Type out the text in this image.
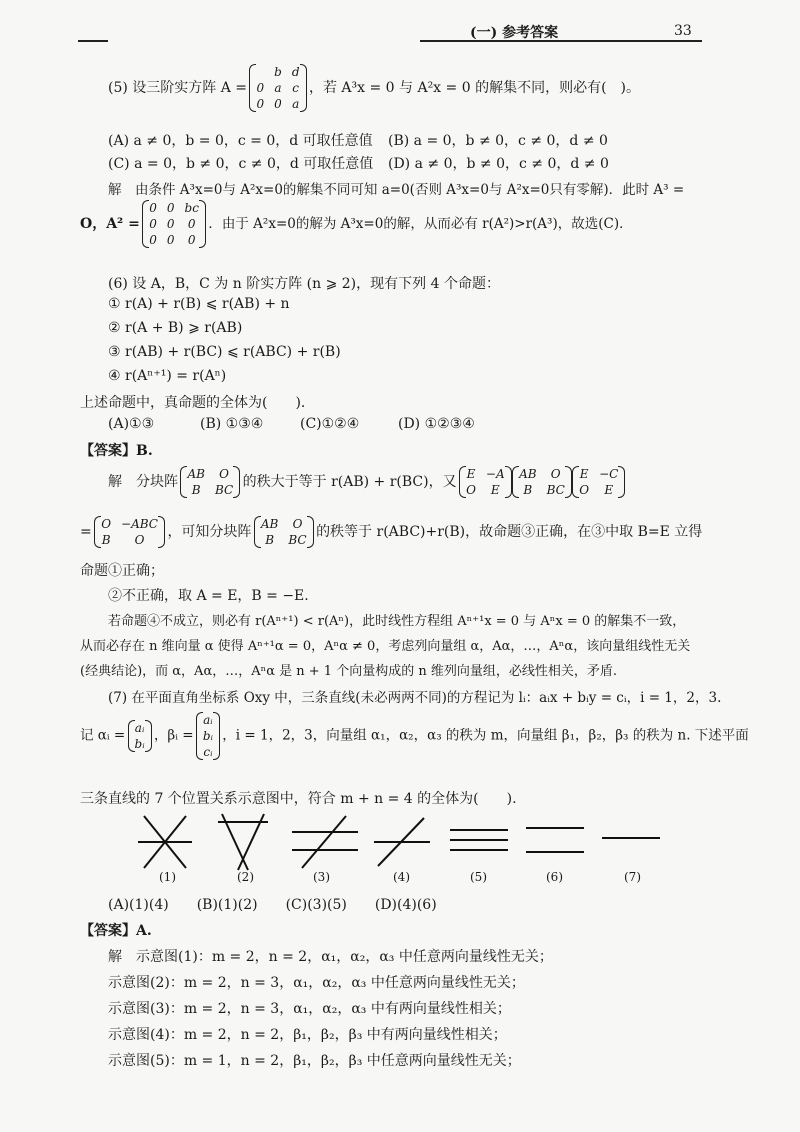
(一) 参考答案	33
(5) 设三阶实方阵 A =
	b	d
0	a	c
0	0	a
，若 A³x = 0 与 A²x = 0 的解集不同，则必有(　)。
(A) a ≠ 0，b = 0，c = 0，d 可取任意值 (B) a = 0，b ≠ 0，c ≠ 0，d ≠ 0
(C) a = 0，b ≠ 0，c ≠ 0，d 可取任意值 (D) a ≠ 0，b ≠ 0，c ≠ 0，d ≠ 0
解　由条件 A³x=0与 A²x=0的解集不同可知 a=0(否则 A³x=0与 A²x=0只有零解)．此时 A³ =
O，A² =
0	0	bc
0	0	0
0	0	0
．由于 A²x=0的解为 A³x=0的解，从而必有 r(A²)>r(A³)，故选(C)．
(6) 设 A，B，C 为 n 阶实方阵 (n ⩾ 2)，现有下列 4 个命题：
① r(A) + r(B) ⩽ r(AB) + n
② r(A + B) ⩾ r(AB)
③ r(AB) + r(BC) ⩽ r(ABC) + r(B)
④ r(Aⁿ⁺¹) = r(Aⁿ)
上述命题中，真命题的全体为(　　)．
(A)①③	(B) ①③④	(C)①②④	(D) ①②③④
【答案】B.
解　分块阵 AB	O
B	BC 的秩大于等于 r(AB) + r(BC)，又 E	−A
O	E

AB	O
B	BC

E	−C
O	E
= O	−ABC
B	O ，可知分块阵 AB	O
B	BC 的秩等于 r(ABC)+r(B)，故命题③正确，在③中取 B=E 立得
命题①正确；
②不正确，取 A = E，B = −E.
若命题④不成立，则必有 r(Aⁿ⁺¹) < r(Aⁿ)，此时线性方程组 Aⁿ⁺¹x = 0 与 Aⁿx = 0 的解集不一致，
从而必存在 n 维向量 α 使得 Aⁿ⁺¹α = 0，Aⁿα ≠ 0，考虑列向量组 α，Aα，…，Aⁿα，该向量组线性无关
(经典结论)，而 α，Aα，…，Aⁿα 是 n + 1 个向量构成的 n 维列向量组，必线性相关，矛盾.
(7) 在平面直角坐标系 Oxy 中，三条直线(未必两两不同)的方程记为 lᵢ：aᵢx + bᵢy = cᵢ，i = 1，2，3.
记 αᵢ = aᵢ
bᵢ
，βᵢ =
aᵢ
bᵢ
cᵢ
，i = 1，2，3，向量组 α₁，α₂，α₃ 的秩为 m，向量组 β₁，β₂，β₃ 的秩为 n. 下述平面
三条直线的 7 个位置关系示意图中，符合 m + n = 4 的全体为(　　).
(1)	(2)	(3)	(4)	(5)	(6)	(7)
(A)(1)(4)　　(B)(1)(2)　　(C)(3)(5)　　(D)(4)(6)
【答案】A.
解　示意图(1)：m = 2，n = 2，α₁，α₂，α₃ 中任意两向量线性无关；
示意图(2)：m = 2，n = 3，α₁，α₂，α₃ 中任意两向量线性无关；
示意图(3)：m = 2，n = 3，α₁，α₂，α₃ 中有两向量线性相关；
示意图(4)：m = 2，n = 2，β₁，β₂，β₃ 中有两向量线性相关；
示意图(5)：m = 1，n = 2，β₁，β₂，β₃ 中任意两向量线性无关；
